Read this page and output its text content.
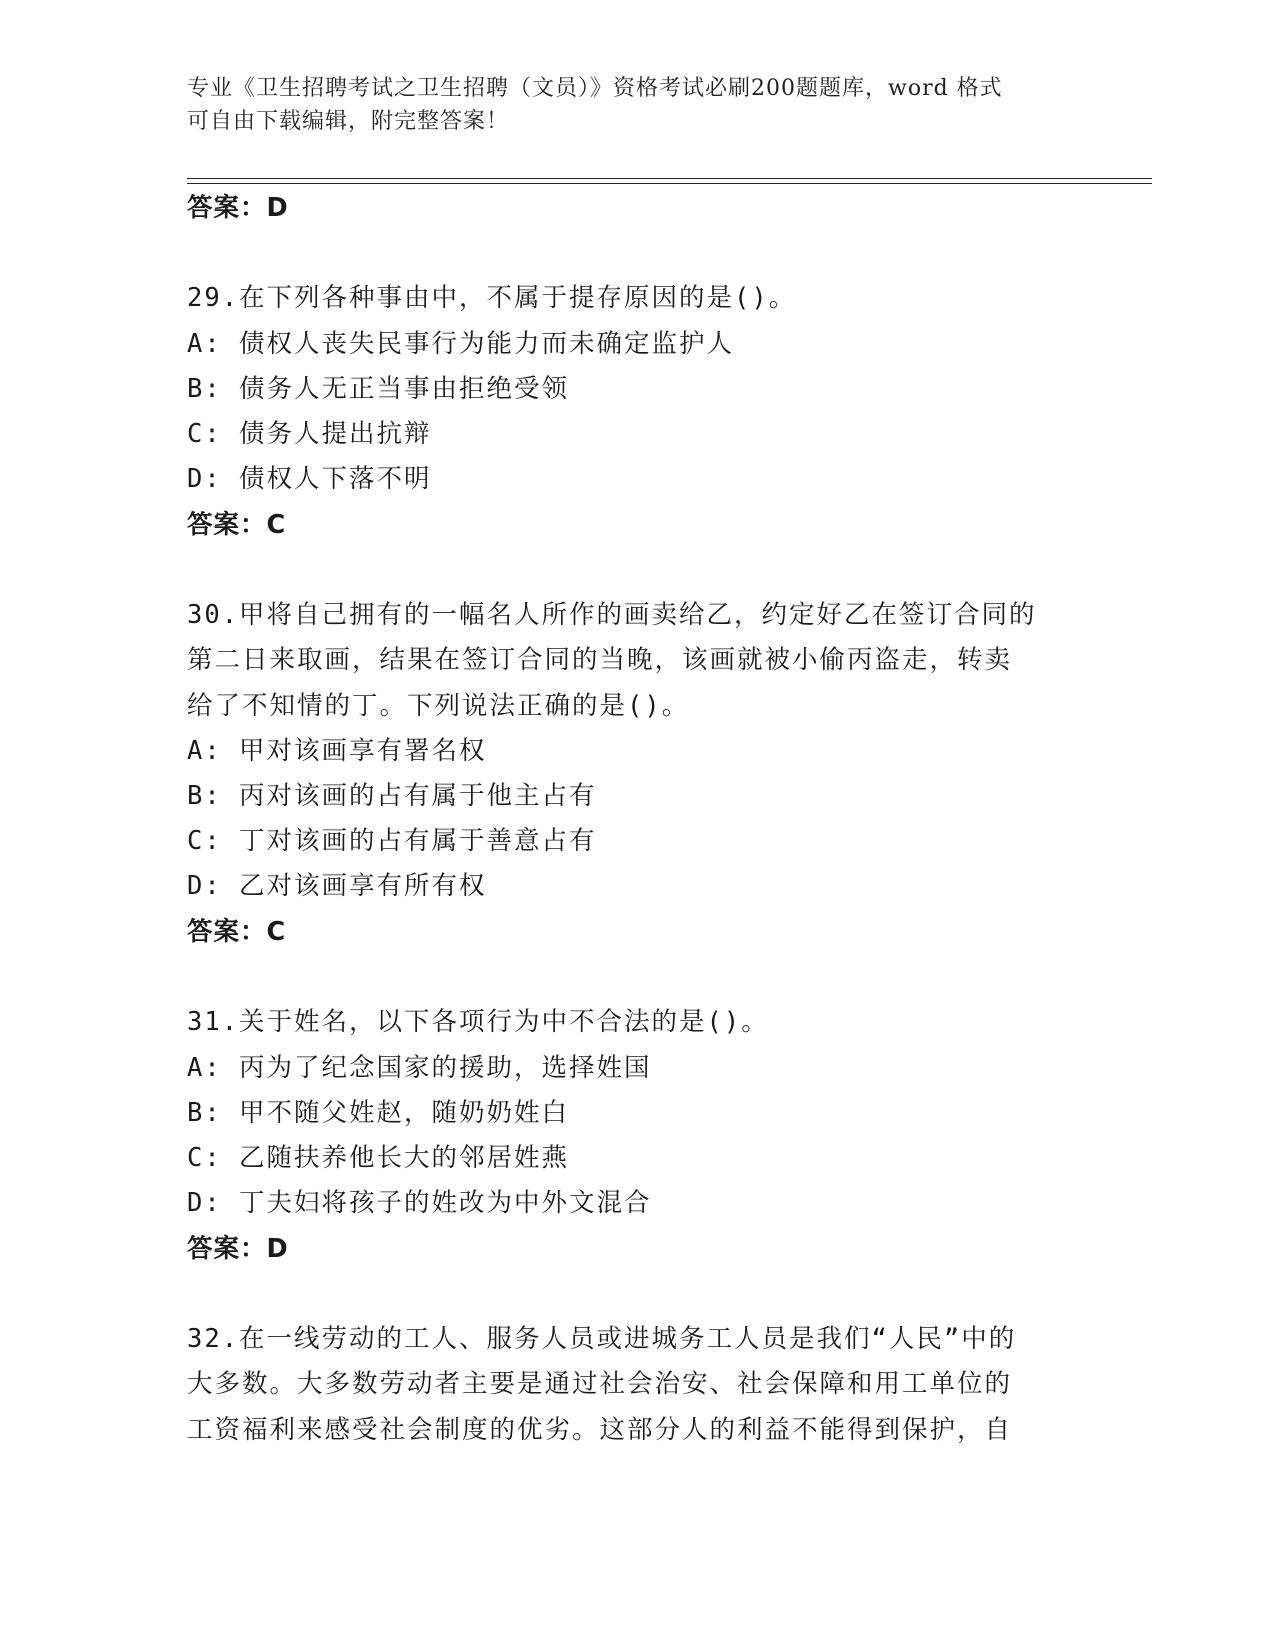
专业《卫生招聘考试之卫生招聘（文员）》资格考试必刷200题题库，word 格式
可自由下载编辑，附完整答案！
答案：D
29.在下列各种事由中，不属于提存原因的是()。
A: 债权人丧失民事行为能力而未确定监护人
B: 债务人无正当事由拒绝受领
C: 债务人提出抗辩
D: 债权人下落不明
答案：C
30.甲将自己拥有的一幅名人所作的画卖给乙，约定好乙在签订合同的
第二日来取画，结果在签订合同的当晚，该画就被小偷丙盗走，转卖
给了不知情的丁。下列说法正确的是()。
A: 甲对该画享有署名权
B: 丙对该画的占有属于他主占有
C: 丁对该画的占有属于善意占有
D: 乙对该画享有所有权
答案：C
31.关于姓名，以下各项行为中不合法的是()。
A: 丙为了纪念国家的援助，选择姓国
B: 甲不随父姓赵，随奶奶姓白
C: 乙随扶养他长大的邻居姓燕
D: 丁夫妇将孩子的姓改为中外文混合
答案：D
32.在一线劳动的工人、服务人员或进城务工人员是我们“人民”中的
大多数。大多数劳动者主要是通过社会治安、社会保障和用工单位的
工资福利来感受社会制度的优劣。这部分人的利益不能得到保护，自
